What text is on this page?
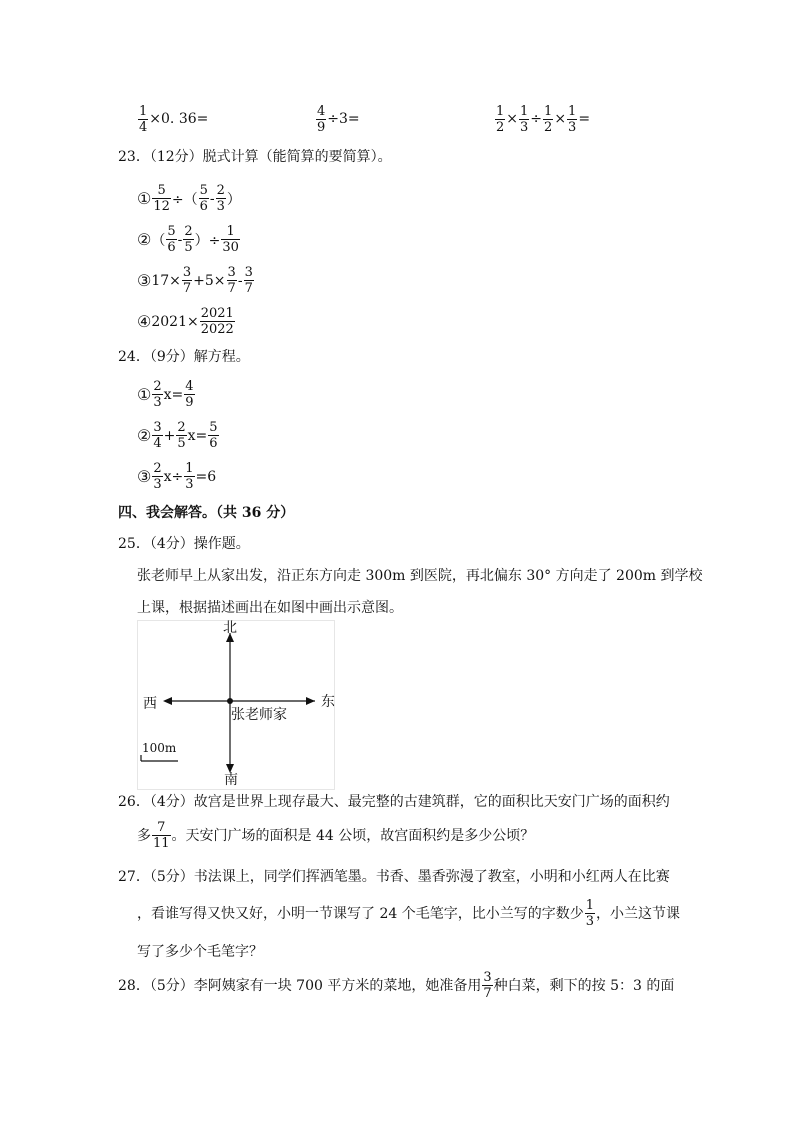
$\frac{1}{4} \times 0$. 36=	$\frac{4}{9} \div 3=$	$\frac{1}{2} \times \frac{1}{3} \div \frac{1}{2} \times \frac{1}{3}$ =
23．（12分）脱式计算（能简算的要简算）。
① $\frac{5}{12}$ ÷（ $\frac{5}{6} - \frac{2}{3}$ ）
② （ $\frac{5}{6} - \frac{2}{5}$ ）÷ $\frac{1}{30}$
③ $17\times \frac{3}{7} +5\times \frac{3}{7} - \frac{3}{7}$
④ $2021\times \frac{2021}{2022}$
24．（9分）解方程。
① $\frac{2}{3} x= \frac{4}{9}$
② $\frac{3}{4} + \frac{2}{5} x= \frac{5}{6}$
③ $\frac{2}{3} x\div \frac{1}{3} =6$
四、我会解答。（共 36 分）
25．（4分）操作题。
张老师早上从家出发，沿正东方向走 300m 到医院，再北偏东 30° 方向走了 200m 到学校
上课，根据描述画出在如图中画出示意图。
北
南
东
西
张老师家
100m
26．（4分）故宫是世界上现存最大、最完整的古建筑群，它的面积比天安门广场的面积约
多 $\frac{7}{11}$ 。天安门广场的面积是 44 公顷，故宫面积约是多少公顷？
27．（5分）书法课上，同学们挥洒笔墨。书香、墨香弥漫了教室，小明和小红两人在比赛
，看谁写得又快又好，小明一节课写了 24 个毛笔字，比小兰写的字数少 $\frac{1}{3}$ ，小兰这节课
写了多少个毛笔字？
28．（5分）李阿姨家有一块 700 平方米的菜地，她准备用 $\frac{3}{7}$ 种白菜，剩下的按 5：3 的面
